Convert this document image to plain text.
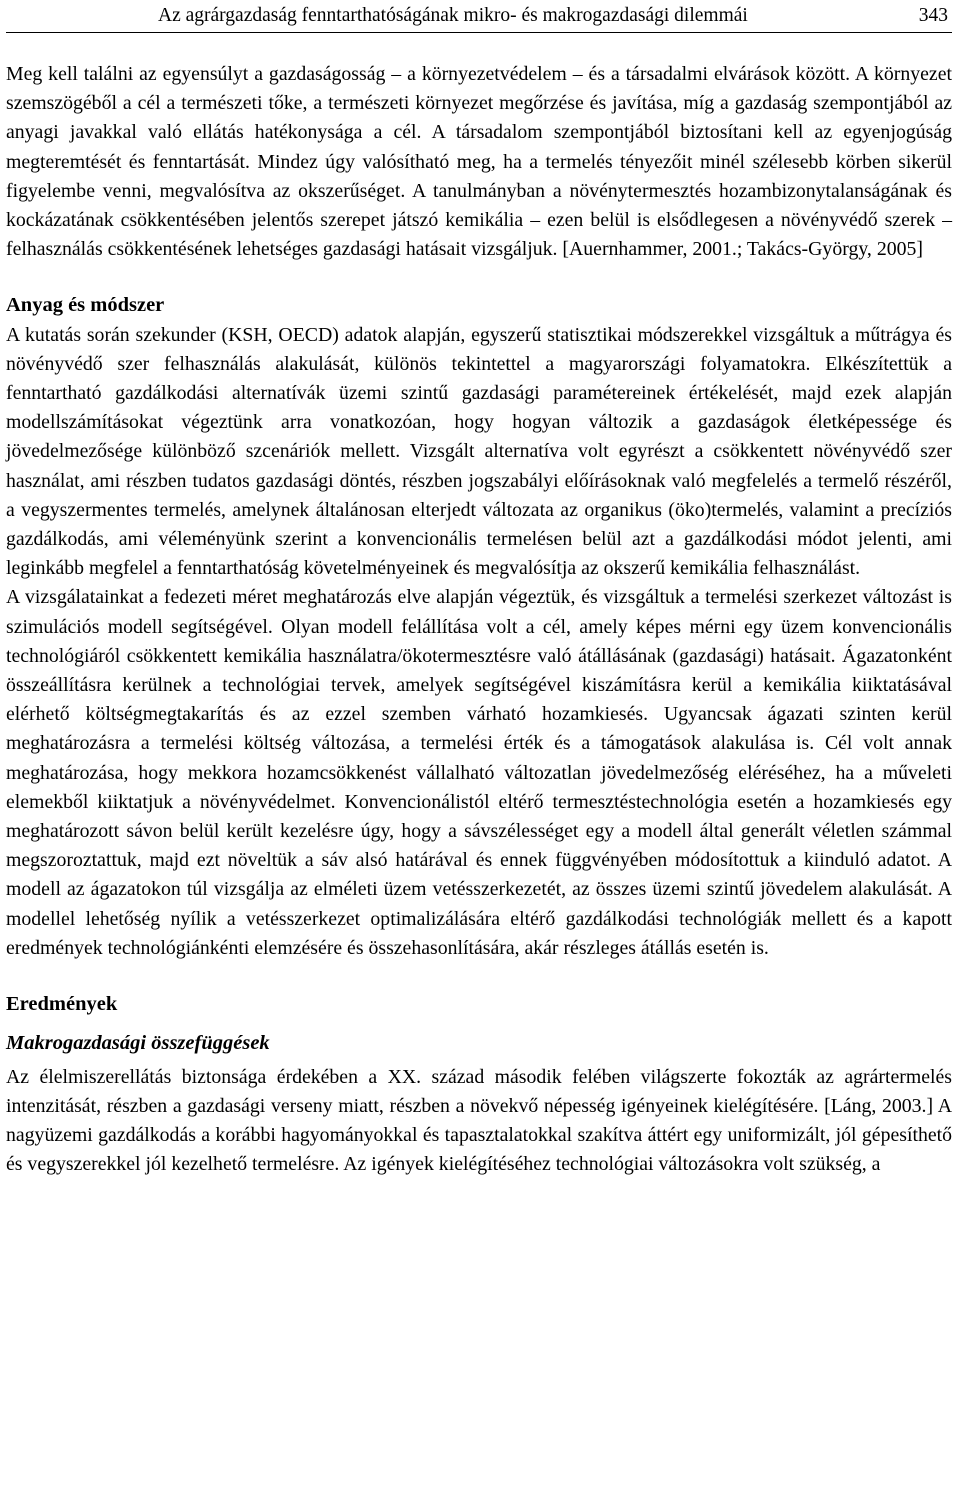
Az agrárgazdaság fenntarthatóságának mikro- és makrogazdasági dilemmái	343

Meg kell találni az egyensúlyt a gazdaságosság – a környezetvédelem – és a társadalmi elvárások között. A környezet szemszögéből a cél a természeti tőke, a természeti környezet megőrzése és javítása, míg a gazdaság szempontjából az anyagi javakkal való ellátás hatékonysága a cél. A társadalom szempontjából biztosítani kell az egyenjogúság megteremtését és fenntartását. Mindez úgy valósítható meg, ha a termelés tényezőit minél szélesebb körben sikerül figyelembe venni, megvalósítva az okszerűséget. A tanulmányban a növénytermesztés hozambizonytalanságának és kockázatának csökkentésében jelentős szerepet játszó kemikália – ezen belül is elsődlegesen a növényvédő szerek – felhasználás csökkentésének lehetséges gazdasági hatásait vizsgáljuk. [Auernhammer, 2001.; Takács-György, 2005]

Anyag és módszer

A kutatás során szekunder (KSH, OECD) adatok alapján, egyszerű statisztikai módszerekkel vizsgáltuk a műtrágya és növényvédő szer felhasználás alakulását, különös tekintettel a magyarországi folyamatokra. Elkészítettük a fenntartható gazdálkodási alternatívák üzemi szintű gazdasági paramétereinek értékelését, majd ezek alapján modellszámításokat végeztünk arra vonatkozóan, hogy hogyan változik a gazdaságok életképessége és jövedelmezősége különböző szcenáriók mellett. Vizsgált alternatíva volt egyrészt a csökkentett növényvédő szer használat, ami részben tudatos gazdasági döntés, részben jogszabályi előírásoknak való megfelelés a termelő részéről, a vegyszermentes termelés, amelynek általánosan elterjedt változata az organikus (öko)termelés, valamint a precíziós gazdálkodás, ami véleményünk szerint a konvencionális termelésen belül azt a gazdálkodási módot jelenti, ami leginkább megfelel a fenntarthatóság követelményeinek és megvalósítja az okszerű kemikália felhasználást.

A vizsgálatainkat a fedezeti méret meghatározás elve alapján végeztük, és vizsgáltuk a termelési szerkezet változást is szimulációs modell segítségével. Olyan modell felállítása volt a cél, amely képes mérni egy üzem konvencionális technológiáról csökkentett kemikália használatra/ökotermesztésre való átállásának (gazdasági) hatásait. Ágazatonként összeállításra kerülnek a technológiai tervek, amelyek segítségével kiszámításra kerül a kemikália kiiktatásával elérhető költségmegtakarítás és az ezzel szemben várható hozamkiesés. Ugyancsak ágazati szinten kerül meghatározásra a termelési költség változása, a termelési érték és a támogatások alakulása is. Cél volt annak meghatározása, hogy mekkora hozamcsökkenést vállalható változatlan jövedelmezőség eléréséhez, ha a műveleti elemekből kiiktatjuk a növényvédelmet. Konvencionálistól eltérő termesztéstechnológia esetén a hozamkiesés egy meghatározott sávon belül került kezelésre úgy, hogy a sávszélességet egy a modell által generált véletlen számmal megszoroztattuk, majd ezt növeltük a sáv alsó határával és ennek függvényében módosítottuk a kiinduló adatot. A modell az ágazatokon túl vizsgálja az elméleti üzem vetésszerkezetét, az összes üzemi szintű jövedelem alakulását. A modellel lehetőség nyílik a vetésszerkezet optimalizálására eltérő gazdálkodási technológiák mellett és a kapott eredmények technológiánkénti elemzésére és összehasonlítására, akár részleges átállás esetén is.

Eredmények
Makrogazdasági összefüggések

Az élelmiszerellátás biztonsága érdekében a XX. század második felében világszerte fokozták az agrártermelés intenzitását, részben a gazdasági verseny miatt, részben a növekvő népesség igényeinek kielégítésére. [Láng, 2003.] A nagyüzemi gazdálkodás a korábbi hagyományokkal és tapasztalatokkal szakítva áttért egy uniformizált, jól gépesíthető és vegyszerekkel jól kezelhető termelésre. Az igények kielégítéséhez technológiai változásokra volt szükség, a
